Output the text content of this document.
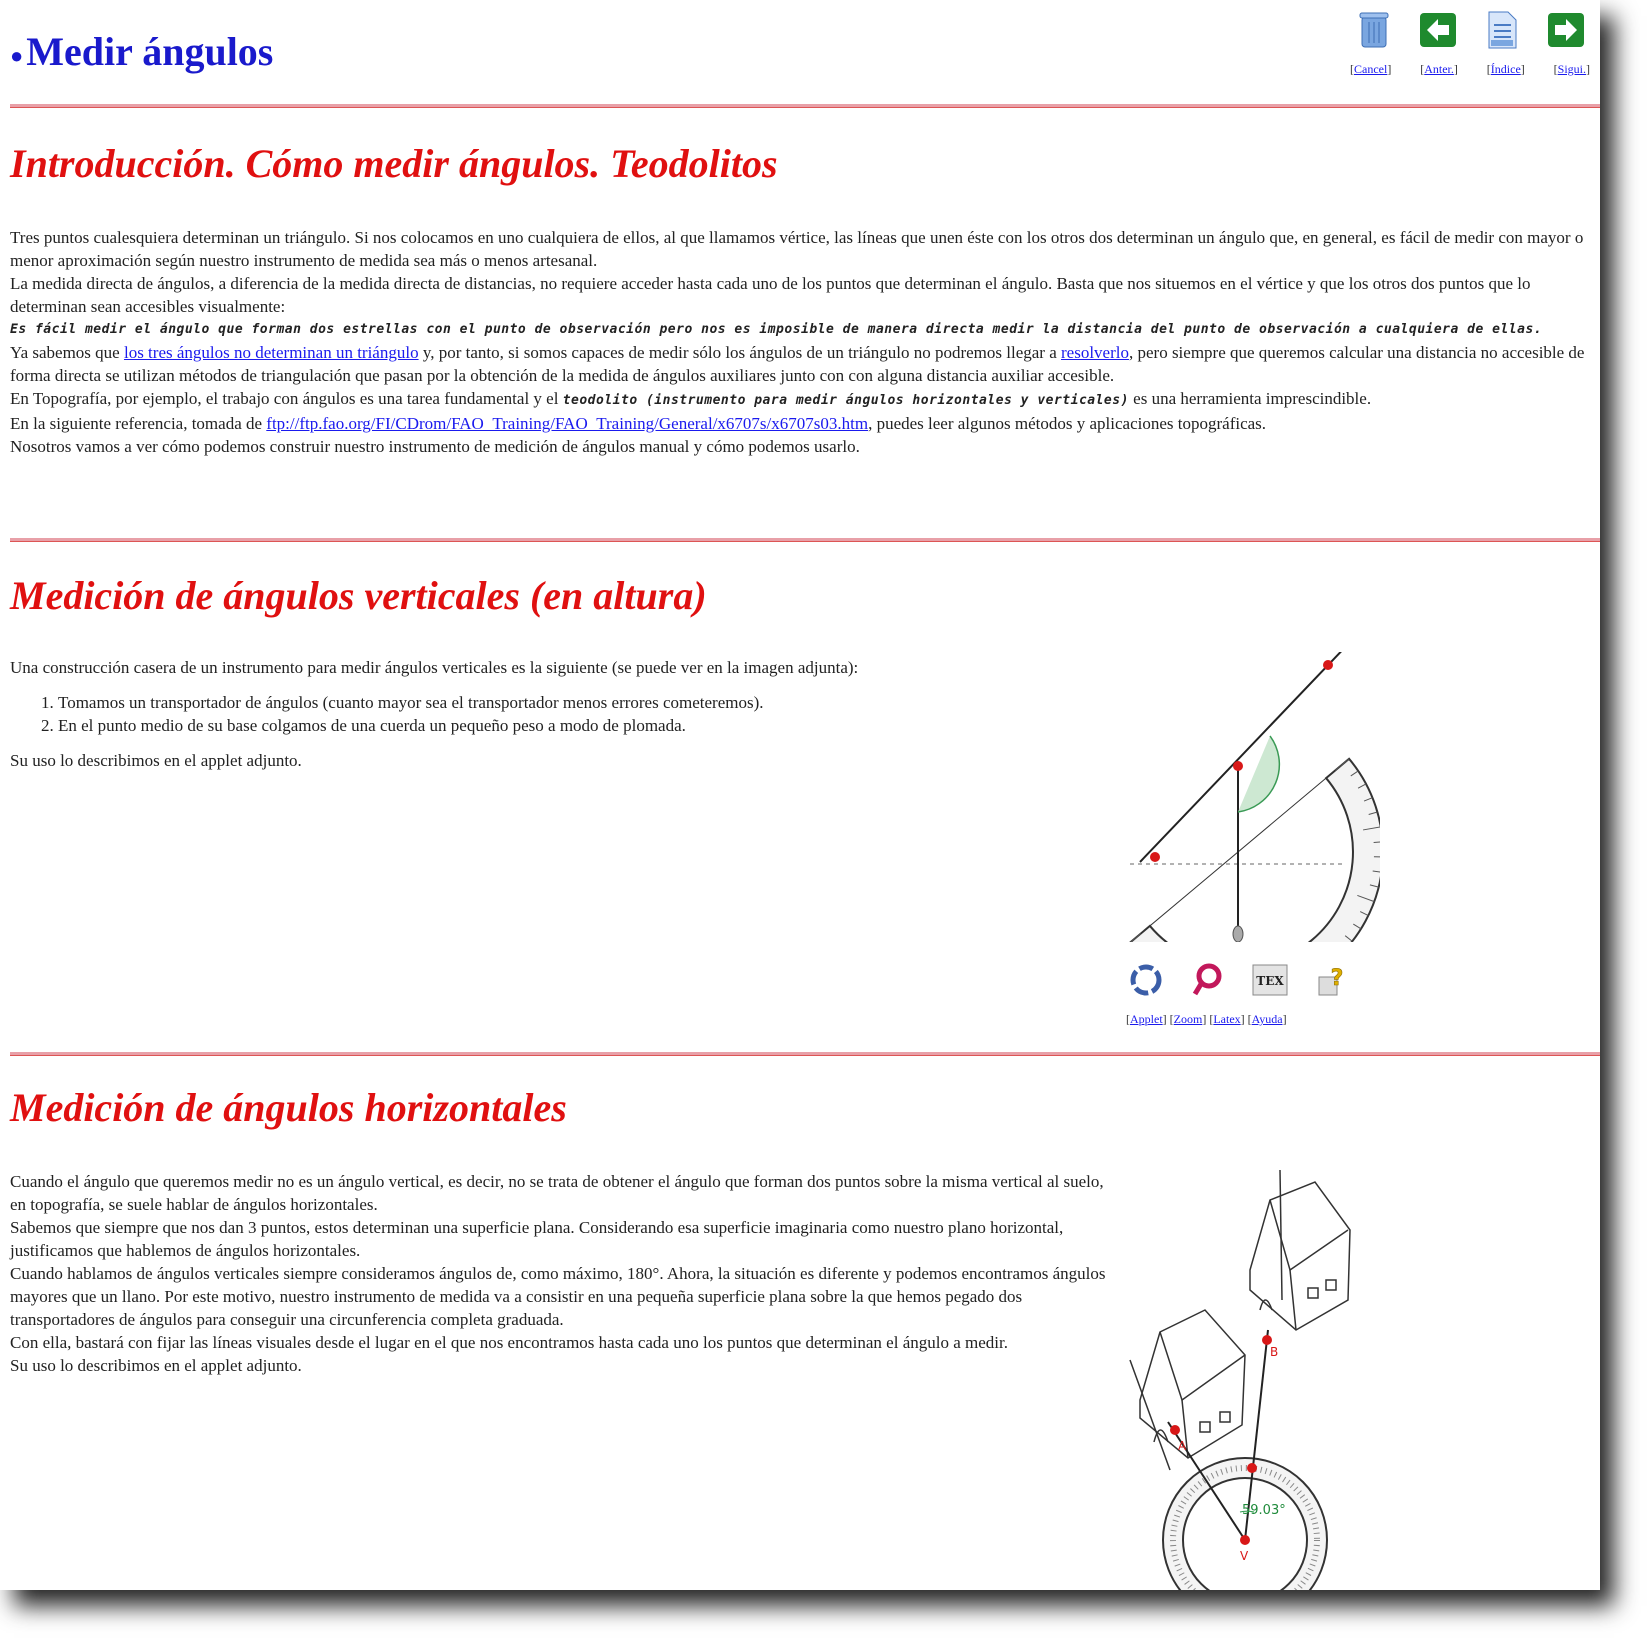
●Medir ángulos	[Cancel] [Anter.] [Índice] [Sigui.]
Introducción. Cómo medir ángulos. Teodolitos

Tres puntos cualesquiera determinan un triángulo. Si nos colocamos en uno cualquiera de ellos, al que llamamos vértice, las líneas que unen éste con los otros dos determinan un ángulo que, en general, es fácil de medir con mayor o menor aproximación según nuestro instrumento de medida sea más o menos artesanal.

La medida directa de ángulos, a diferencia de la medida directa de distancias, no requiere acceder hasta cada uno de los puntos que determinan el ángulo. Basta que nos situemos en el vértice y que los otros dos puntos que lo determinan sean accesibles visualmente:

Es fácil medir el ángulo que forman dos estrellas con el punto de observación pero nos es imposible de manera directa medir la distancia del punto de observación a cualquiera de ellas.

Ya sabemos que los tres ángulos no determinan un triángulo y, por tanto, si somos capaces de medir sólo los ángulos de un triángulo no podremos llegar a resolverlo, pero siempre que queremos calcular una distancia no accesible de forma directa se utilizan métodos de triangulación que pasan por la obtención de la medida de ángulos auxiliares junto con con alguna distancia auxiliar accesible.

En Topografía, por ejemplo, el trabajo con ángulos es una tarea fundamental y el teodolito (instrumento para medir ángulos horizontales y verticales) es una herramienta imprescindible.

En la siguiente referencia, tomada de ftp://ftp.fao.org/FI/CDrom/FAO_Training/FAO_Training/General/x6707s/x6707s03.htm, puedes leer algunos métodos y aplicaciones topográficas.

Nosotros vamos a ver cómo podemos construir nuestro instrumento de medición de ángulos manual y cómo podemos usarlo.

Medición de ángulos verticales (en altura)

Una construcción casera de un instrumento para medir ángulos verticales es la siguiente (se puede ver en la imagen adjunta):

1. Tomamos un transportador de ángulos (cuanto mayor sea el transportador menos errores cometeremos).
2. En el punto medio de su base colgamos de una cuerda un pequeño peso a modo de plomada.

Su uso lo describimos en el applet adjunto.

TEX ?
[Applet] [Zoom] [Latex] [Ayuda]
Medición de ángulos horizontales

Cuando el ángulo que queremos medir no es un ángulo vertical, es decir, no se trata de obtener el ángulo que forman dos puntos sobre la misma vertical al suelo, en topografía, se suele hablar de ángulos horizontales.

Sabemos que siempre que nos dan 3 puntos, estos determinan una superficie plana. Considerando esa superficie imaginaria como nuestro plano horizontal, justificamos que hablemos de ángulos horizontales.

Cuando hablamos de ángulos verticales siempre consideramos ángulos de, como máximo, 180°. Ahora, la situación es diferente y podemos encontramos ángulos mayores que un llano. Por este motivo, nuestro instrumento de medida va a consistir en una pequeña superficie plana sobre la que hemos pegado dos transportadores de ángulos para conseguir una circunferencia completa graduada.

Con ella, bastará con fijar las líneas visuales desde el lugar en el que nos encontramos hasta cada uno los puntos que determinan el ángulo a medir.

Su uso lo describimos en el applet adjunto.

59.03°
B
A
V
